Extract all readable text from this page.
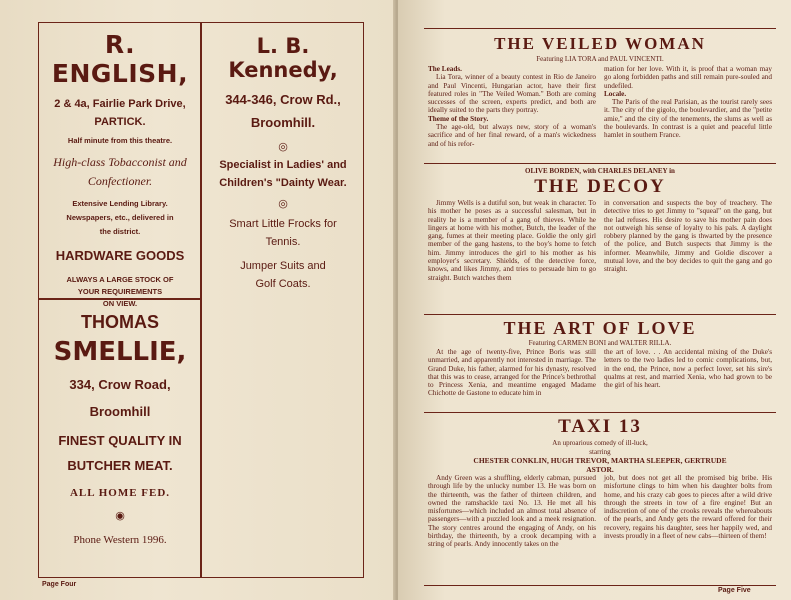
R. ENGLISH,
2 & 4a, Fairlie Park Drive,
PARTICK.
Half minute from this theatre.
High-class Tobacconist and
Confectioner.
Extensive Lending Library.
Newspapers, etc., delivered in
the district.
HARDWARE GOODS
ALWAYS A LARGE STOCK OF
YOUR REQUIREMENTS
ON VIEW.
L. B. Kennedy,
344-346, Crow Rd.,
Broomhill.
◎
Specialist in Ladies' and
Children's "Dainty Wear.
◎
Smart Little Frocks for
Tennis.
Jumper Suits and
Golf Coats.
THOMAS
SMELLIE,
334, Crow Road,
Broomhill
FINEST QUALITY IN
BUTCHER MEAT.
ALL HOME FED.
◉
Phone Western 1996.
Page Four
THE VEILED WOMAN
Featuring LIA TORA and PAUL VINCENTI.

The Leads.

Lia Tora, winner of a beauty contest in Rio de Janeiro and Paul Vincenti, Hungarian actor, have their first featured roles in "The Veiled Woman." Both are coming successes of the screen, experts predict, and both are ideally suited to the parts they portray.

Theme of the Story.

The age-old, but always new, story of a woman's sacrifice and of her final reward, of a man's wickedness and of his refor-

mation for her love. With it, is proof that a woman may go along forbidden paths and still remain pure-souled and undefiled.

Locale.

The Paris of the real Parisian, as the tourist rarely sees it. The city of the gigolo, the boulevardier, and the "petite amie," and the city of the tenements, the slums as well as the boulevards. In contrast is a quiet and peaceful little hamlet in southern France.

OLIVE BORDEN, with CHARLES DELANEY in
THE DECOY

Jimmy Wells is a dutiful son, but weak in character. To his mother he poses as a successful salesman, but in reality he is a member of a gang of thieves. While he lingers at home with his mother, Butch, the leader of the gang, fumes at their meeting place. Goldie the only girl member of the gang hastens, to the boy's home to fetch him. Jimmy introduces the girl to his mother as his employer's secretary. Shields, of the detective force, knows, and likes Jimmy, and tries to persuade him to go straight. Butch watches them

in conversation and suspects the boy of treachery. The detective tries to get Jimmy to "squeal" on the gang, but the lad refuses. His desire to save his mother pain does not outweigh his sense of loyalty to his pals. A daylight robbery planned by the gang is thwarted by the presence of the police, and Butch suspects that Jimmy is the informer. Meanwhile, Jimmy and Goldie discover a mutual love, and the boy decides to quit the gang and go straight.

THE ART OF LOVE
Featuring CARMEN BONI and WALTER RILLA.

At the age of twenty-five, Prince Boris was still unmarried, and apparently not interested in marriage. The Grand Duke, his father, alarmed for his dynasty, resolved that this was to cease, arranged for the Prince's bethrothal to Princess Xenia, and meantime engaged Madame Chichotte de Gastone to educate him in

the art of love. . . An accidental mixing of the Duke's letters to the two ladies led to comic complications, but, in the end, the Prince, now a perfect lover, set his sire's qualms at rest, and married Xenia, who had grown to be the girl of his heart.

TAXI 13
An uproarious comedy of ill-luck,
starring
CHESTER CONKLIN, HUGH TREVOR, MARTHA SLEEPER, GERTRUDE
ASTOR.

Andy Green was a shuffling, elderly cabman, pursued through life by the unlucky number 13. He was born on the thirteenth, was the father of thirteen children, and owned the ramshackle taxi No. 13. He met all his misfortunes—which included an almost total absence of passengers—with a puzzled look and a meek resignation. The story centres around the engaging of Andy, on his birthday, the thirteenth, by a crook decamping with a string of pearls. Andy innocently takes on the

job, but does not get all the promised big bribe. His misfortune clings to him when his daughter bolts from home, and his crazy cab goes to pieces after a wild drive through the streets in tow of a fire engine! But an indiscretion of one of the crooks reveals the whereabouts of the pearls, and Andy gets the reward offered for their recovery, regains his daughter, sees her happily wed, and invests proudly in a fleet of new cabs—thirteen of them!

Page Five
